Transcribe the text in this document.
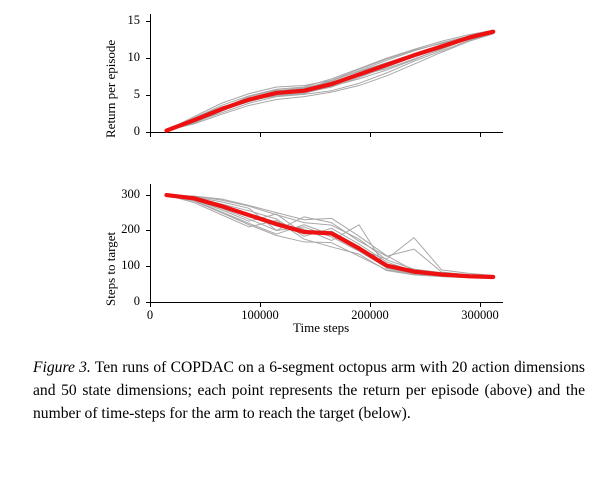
Return per episode	0
5
10
15
Steps to target	0
100
200
300
0	100000	200000	300000
Time steps
Figure 3. Ten runs of COPDAC on a 6-segment octopus arm with 20 action dimensions and 50 state dimensions; each point represents the return per episode (above) and the number of time-steps for the arm to reach the target (below).
